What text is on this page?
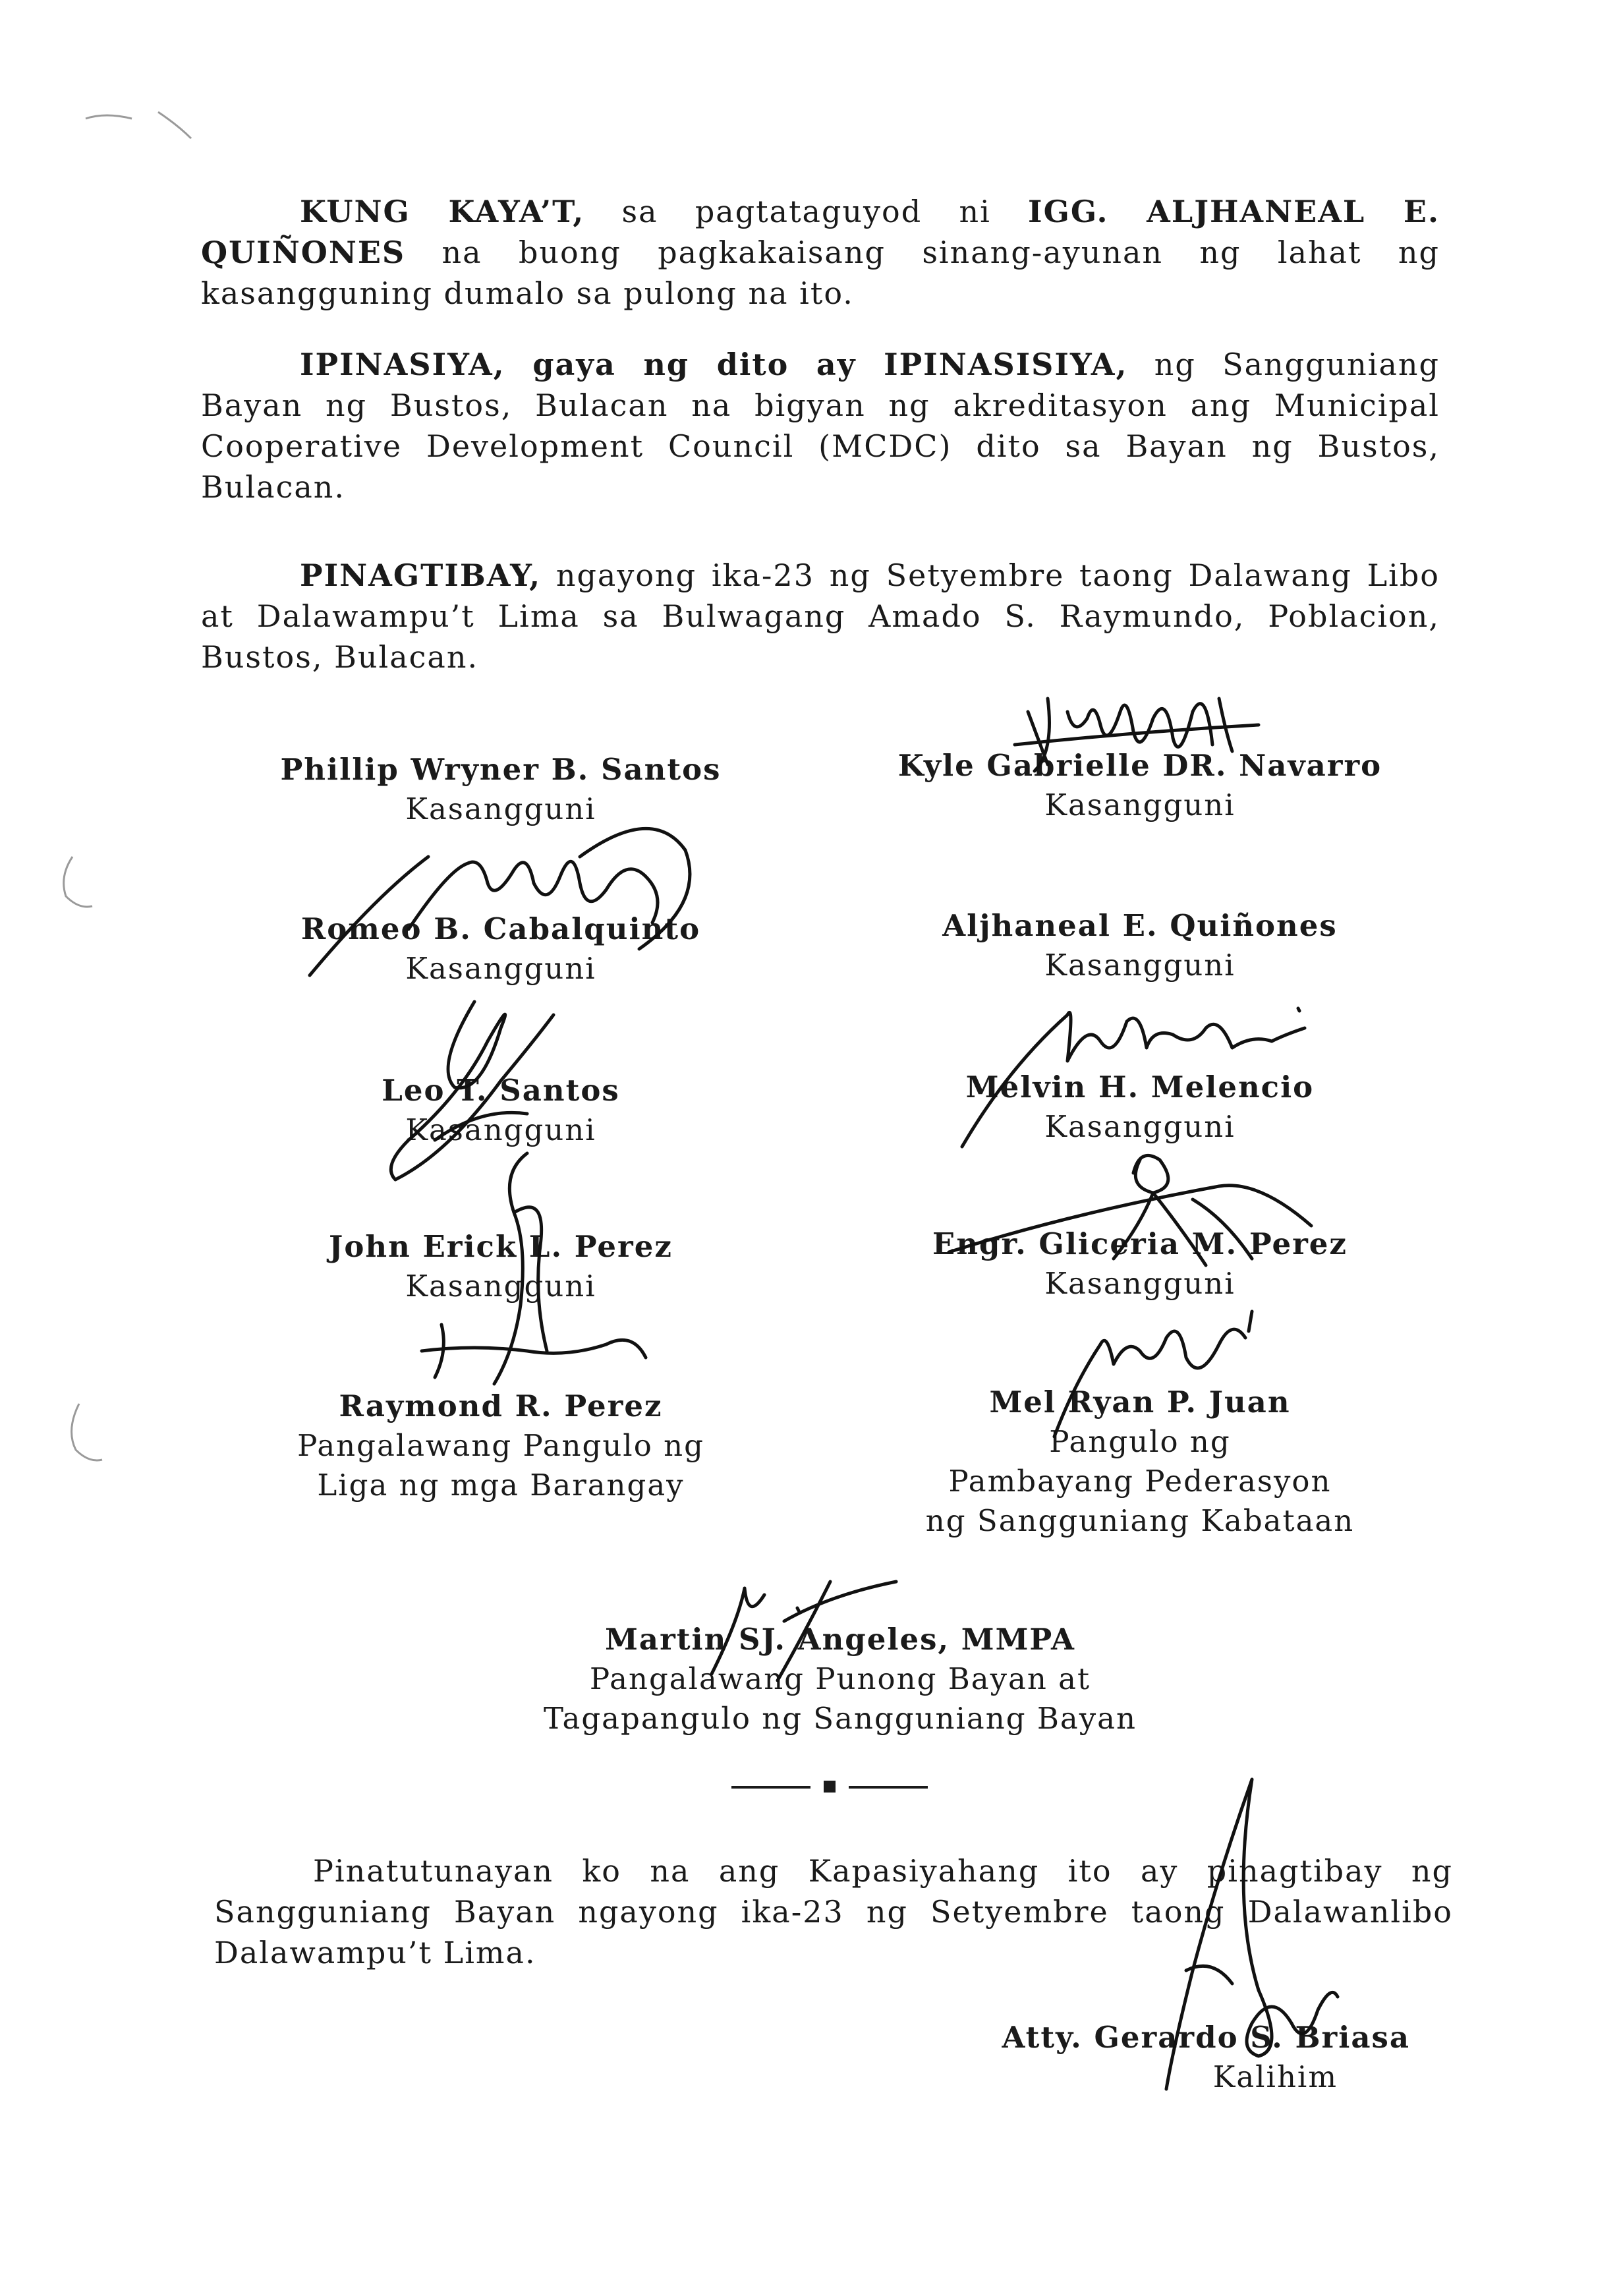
KUNG KAYA’T, sa pagtataguyod ni IGG. ALJHANEAL E. QUIÑONES na buong pagkakaisang sinang-ayunan ng lahat ng kasangguning dumalo sa pulong na ito.

IPINASIYA, gaya ng dito ay IPINASISIYA, ng Sangguniang Bayan ng Bustos, Bulacan na bigyan ng akreditasyon ang Municipal Cooperative Development Council (MCDC) dito sa Bayan ng Bustos, Bulacan.

PINAGTIBAY, ngayong ika-23 ng Setyembre taong Dalawang Libo at Dalawampu’t Lima sa Bulwagang Amado S. Raymundo, Poblacion, Bustos, Bulacan.

Phillip Wryner B. Santos
Kasangguni
Romeo B. Cabalquinto
Kasangguni
Leo T. Santos
Kasangguni
John Erick L. Perez
Kasangguni
Raymond R. Perez
Pangalawang Pangulo ng
Liga ng mga Barangay
Kyle Gabrielle DR. Navarro
Kasangguni
Aljhaneal E. Quiñones
Kasangguni
Melvin H. Melencio
Kasangguni
Engr. Gliceria M. Perez
Kasangguni
Mel Ryan P. Juan
Pangulo ng
Pambayang Pederasyon
ng Sangguniang Kabataan
Martin SJ. Angeles, MMPA
Pangalawang Punong Bayan at
Tagapangulo ng Sangguniang Bayan

Pinatutunayan ko na ang Kapasiyahang ito ay pinagtibay ng Sangguniang Bayan ngayong ika-23 ng Setyembre taong Dalawanlibo Dalawampu’t Lima.

Atty. Gerardo S. Briasa
Kalihim
